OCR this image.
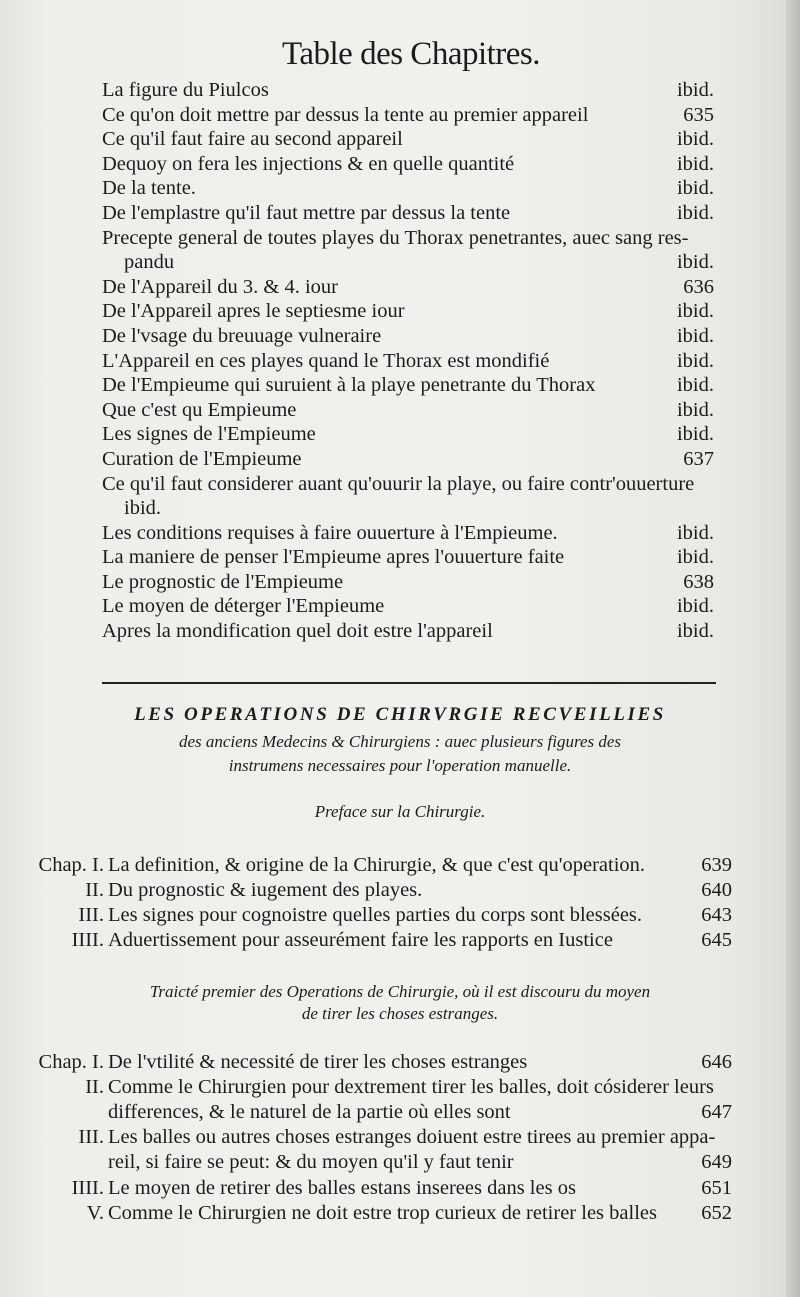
Table des Chapitres.
La figure du Piulcos	ibid.
Ce qu'on doit mettre par dessus la tente au premier appareil	635
Ce qu'il faut faire au second appareil	ibid.
Dequoy on fera les injections & en quelle quantité	ibid.
De la tente.	ibid.
De l'emplastre qu'il faut mettre par dessus la tente	ibid.
Precepte general de toutes playes du Thorax penetrantes, auec sang res-
pandu	ibid.
De l'Appareil du 3. & 4. iour	636
De l'Appareil apres le septiesme iour	ibid.
De l'vsage du breuuage vulneraire	ibid.
L'Appareil en ces playes quand le Thorax est mondifié	ibid.
De l'Empieume qui suruient à la playe penetrante du Thorax	ibid.
Que c'est qu Empieume	ibid.
Les signes de l'Empieume	ibid.
Curation de l'Empieume	637
Ce qu'il faut considerer auant qu'ouurir la playe, ou faire contr'ouuerture
ibid.
Les conditions requises à faire ouuerture à l'Empieume.	ibid.
La maniere de penser l'Empieume apres l'ouuerture faite	ibid.
Le prognostic de l'Empieume	638
Le moyen de déterger l'Empieume	ibid.
Apres la mondification quel doit estre l'appareil	ibid.
LES OPERATIONS DE CHIRVRGIE RECVEILLIES
des anciens Medecins & Chirurgiens : auec plusieurs figures des
instrumens necessaires pour l'operation manuelle.
Preface sur la Chirurgie.
Chap. I. La definition, & origine de la Chirurgie, & que c'est qu'operation.	639
II. Du prognostic & iugement des playes.	640
III. Les signes pour cognoistre quelles parties du corps sont blessées.	643
IIII. Aduertissement pour asseurément faire les rapports en Iustice	645
Traicté premier des Operations de Chirurgie, où il est discouru du moyen
de tirer les choses estranges.
Chap. I. De l'vtilité & necessité de tirer les choses estranges	646
II. Comme le Chirurgien pour dextrement tirer les balles, doit cósiderer leurs
differences, & le naturel de la partie où elles sont	647
III. Les balles ou autres choses estranges doiuent estre tirees au premier appa-
reil, si faire se peut: & du moyen qu'il y faut tenir	649
IIII. Le moyen de retirer des balles estans inserees dans les os	651
V. Comme le Chirurgien ne doit estre trop curieux de retirer les balles 652
